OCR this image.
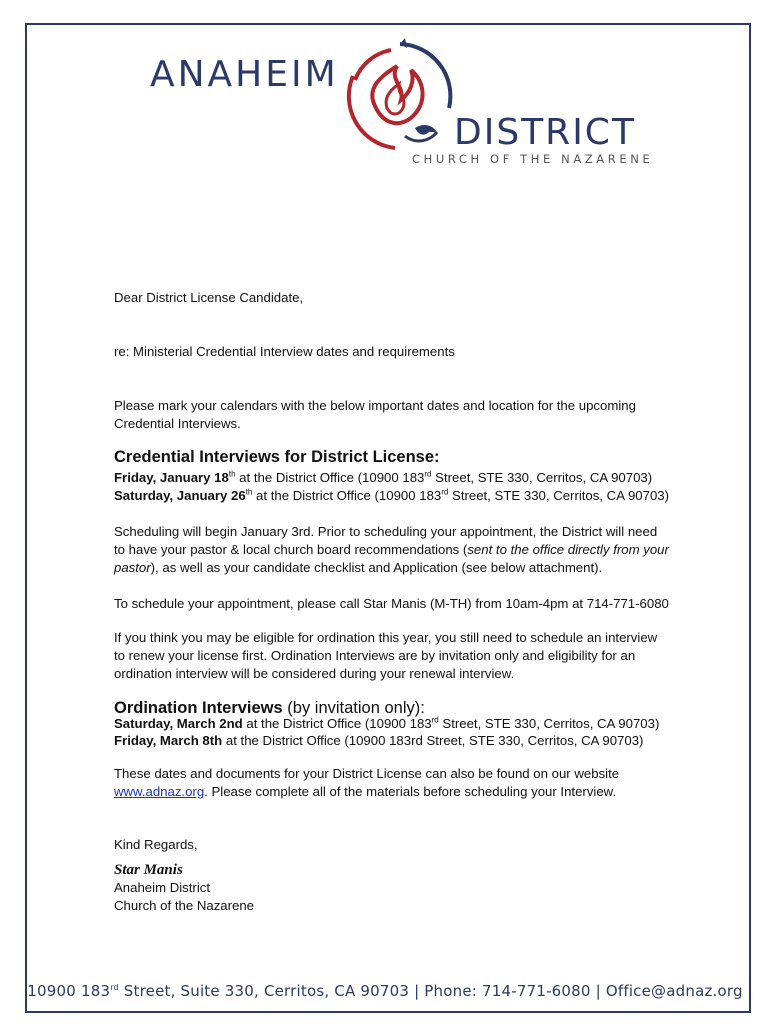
ANAHEIM
DISTRICT
CHURCH OF THE NAZARENE
Dear District License Candidate,
re: Ministerial Credential Interview dates and requirements
Please mark your calendars with the below important dates and location for the upcoming Credential Interviews.
Credential Interviews for District License:
Friday, January 18th at the District Office (10900 183rd Street, STE 330, Cerritos, CA 90703)
Saturday, January 26th at the District Office (10900 183rd Street, STE 330, Cerritos, CA 90703)
Scheduling will begin January 3rd. Prior to scheduling your appointment, the District will need to have your pastor & local church board recommendations (sent to the office directly from your pastor), as well as your candidate checklist and Application (see below attachment).
To schedule your appointment, please call Star Manis (M-TH) from 10am-4pm at 714-771-6080
If you think you may be eligible for ordination this year, you still need to schedule an interview to renew your license first. Ordination Interviews are by invitation only and eligibility for an ordination interview will be considered during your renewal interview.
Ordination Interviews (by invitation only):
Saturday, March 2nd at the District Office (10900 183rd Street, STE 330, Cerritos, CA 90703)
Friday, March 8th at the District Office (10900 183rd Street, STE 330, Cerritos, CA 90703)
These dates and documents for your District License can also be found on our website www.adnaz.org. Please complete all of the materials before scheduling your Interview.
Kind Regards,
Star Manis
Anaheim District
Church of the Nazarene
10900 183rd Street, Suite 330, Cerritos, CA 90703 | Phone: 714-771-6080 | Office@adnaz.org
